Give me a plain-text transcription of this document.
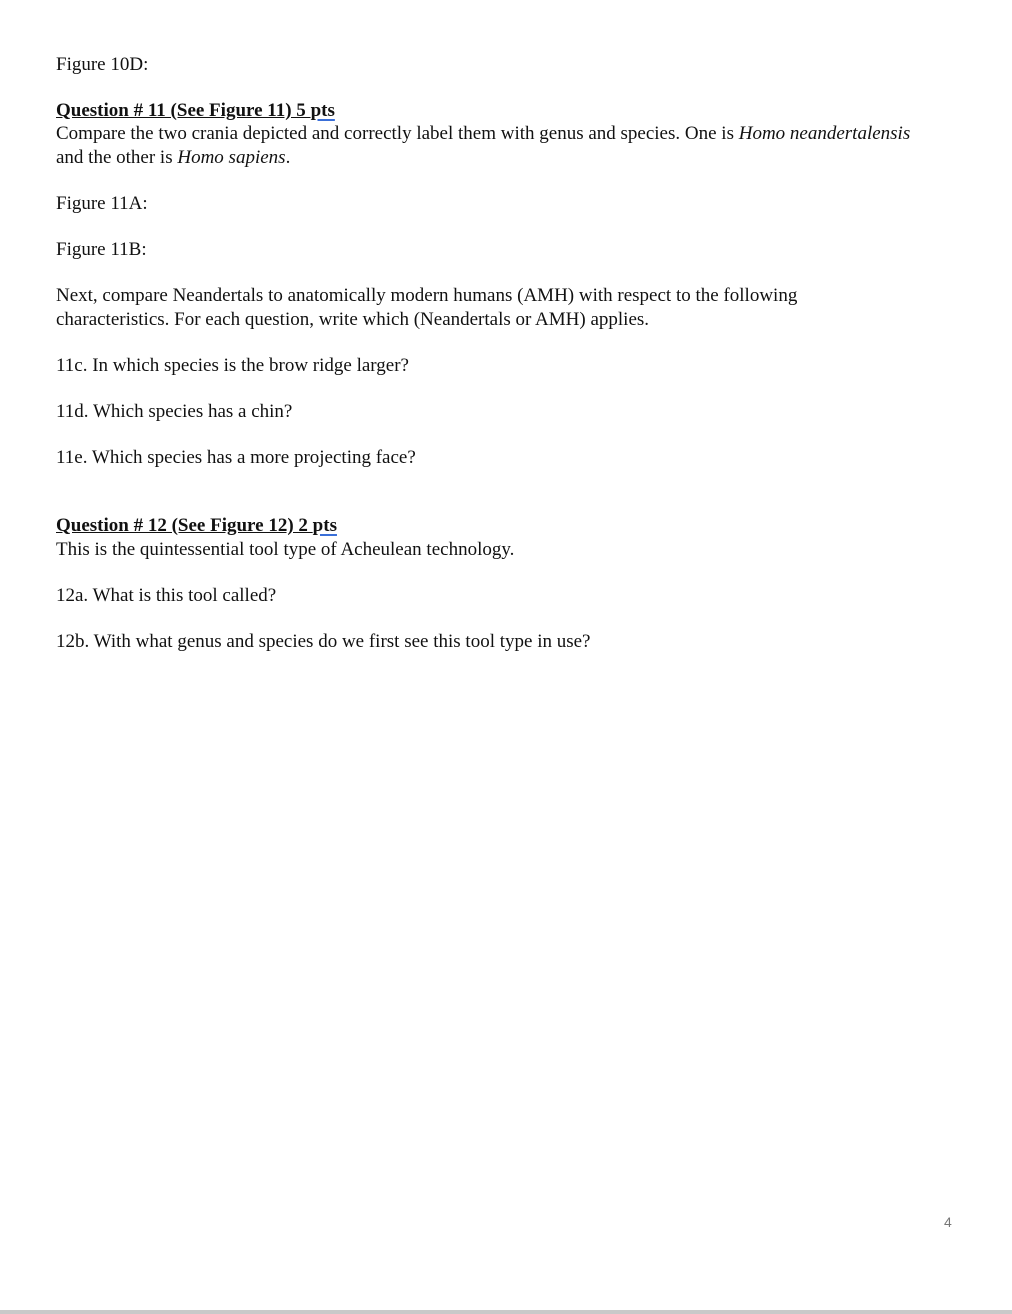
Figure 10D:
Question # 11 (See Figure 11) 5 pts
Compare the two crania depicted and correctly label them with genus and species. One is Homo neandertalensis
and the other is Homo sapiens.
Figure 11A:
Figure 11B:
Next, compare Neandertals to anatomically modern humans (AMH) with respect to the following
characteristics. For each question, write which (Neandertals or AMH) applies.
11c. In which species is the brow ridge larger?
11d. Which species has a chin?
11e. Which species has a more projecting face?
Question # 12 (See Figure 12) 2 pts
This is the quintessential tool type of Acheulean technology.
12a. What is this tool called?
12b. With what genus and species do we first see this tool type in use?
4
